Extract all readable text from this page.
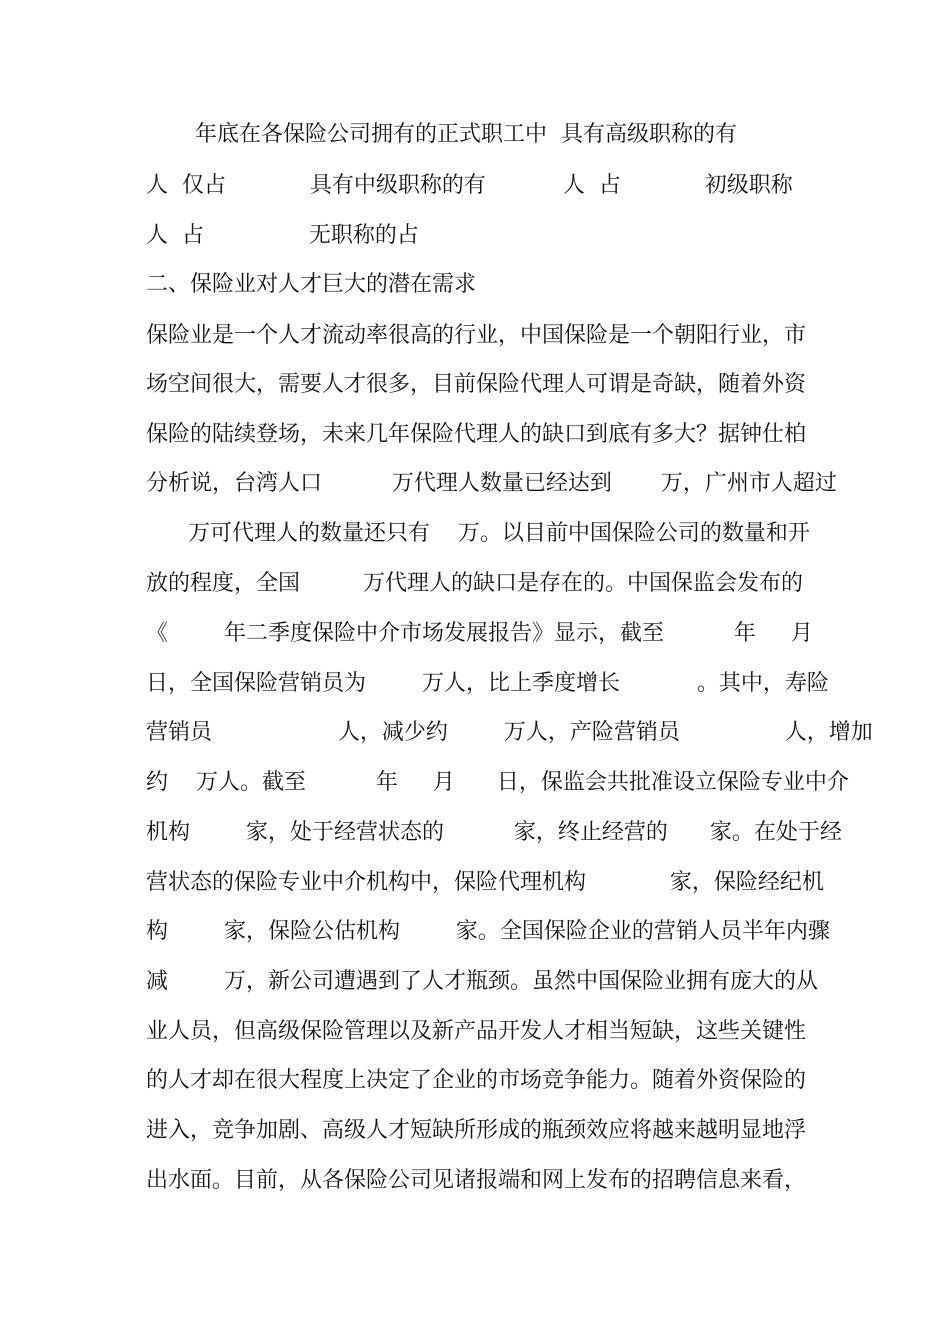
年底在各保险公司拥有的正式职工中  具有高级职称的有
人  仅占            具有中级职称的有           人  占            初级职称
人  占               无职称的占
二、保险业对人才巨大的潜在需求
保险业是一个人才流动率很高的行业，中国保险是一个朝阳行业，市
场空间很大，需要人才很多，目前保险代理人可谓是奇缺，随着外资
保险的陆续登场，未来几年保险代理人的缺口到底有多大？据钟仕柏
分析说，台湾人口          万代理人数量已经达到       万，广州市人超过
万可代理人的数量还只有    万。以目前中国保险公司的数量和开
放的程度，全国         万代理人的缺口是存在的。中国保监会发布的
《        年二季度保险中介市场发展报告》显示，截至          年     月
日，全国保险营销员为        万人，比上季度增长           。其中，寿险
营销员                  人，减少约        万人，产险营销员               人，增加
约    万人。截至          年     月      日，保监会共批准设立保险专业中介
机构        家，处于经营状态的          家，终止经营的      家。在处于经
营状态的保险专业中介机构中，保险代理机构            家，保险经纪机
构        家，保险公估机构        家。全国保险企业的营销人员半年内骤
减        万，新公司遭遇到了人才瓶颈。虽然中国保险业拥有庞大的从
业人员，但高级保险管理以及新产品开发人才相当短缺，这些关键性
的人才却在很大程度上决定了企业的市场竞争能力。随着外资保险的
进入，竞争加剧、高级人才短缺所形成的瓶颈效应将越来越明显地浮
出水面。目前，从各保险公司见诸报端和网上发布的招聘信息来看，
